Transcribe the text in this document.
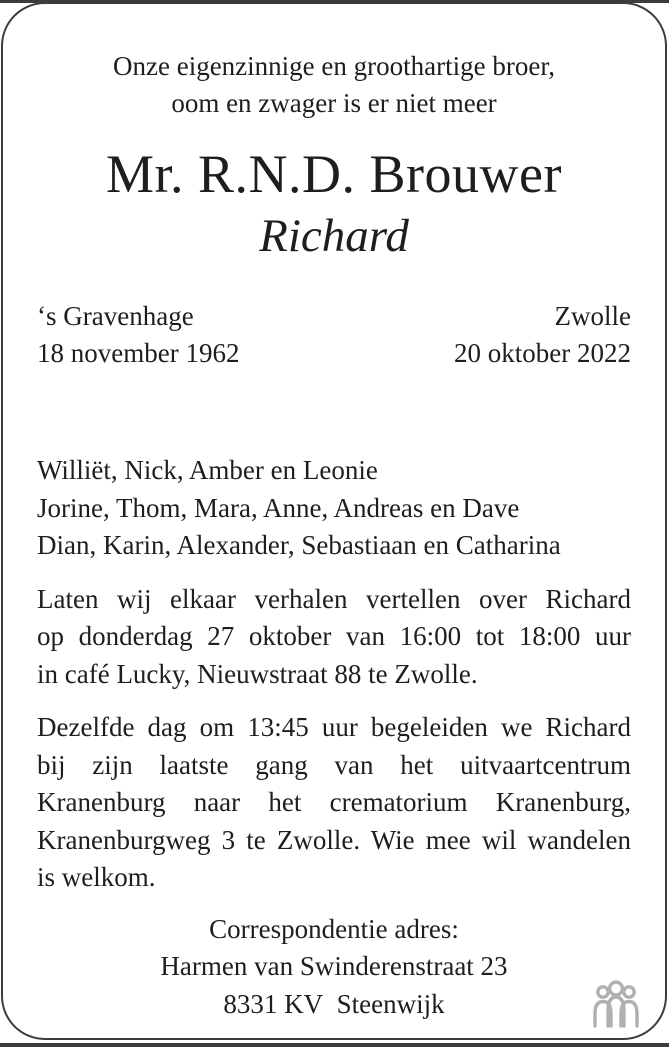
Onze eigenzinnige en groothartige broer,
oom en zwager is er niet meer
Mr. R.N.D. Brouwer
Richard
‘s Gravenhage
18 november 1962
Zwolle
20 oktober 2022
Williët, Nick, Amber en Leonie
Jorine, Thom, Mara, Anne, Andreas en Dave
Dian, Karin, Alexander, Sebastiaan en Catharina
Laten wij elkaar verhalen vertellen over Richard
op donderdag 27 oktober van 16:00 tot 18:00 uur
in café Lucky, Nieuwstraat 88 te Zwolle.
Dezelfde dag om 13:45 uur begeleiden we Richard
bij zijn laatste gang van het uitvaartcentrum
Kranenburg naar het crematorium Kranenburg,
Kranenburgweg 3 te Zwolle. Wie mee wil wandelen
is welkom.
Correspondentie adres:
Harmen van Swinderenstraat 23
8331 KV  Steenwijk
